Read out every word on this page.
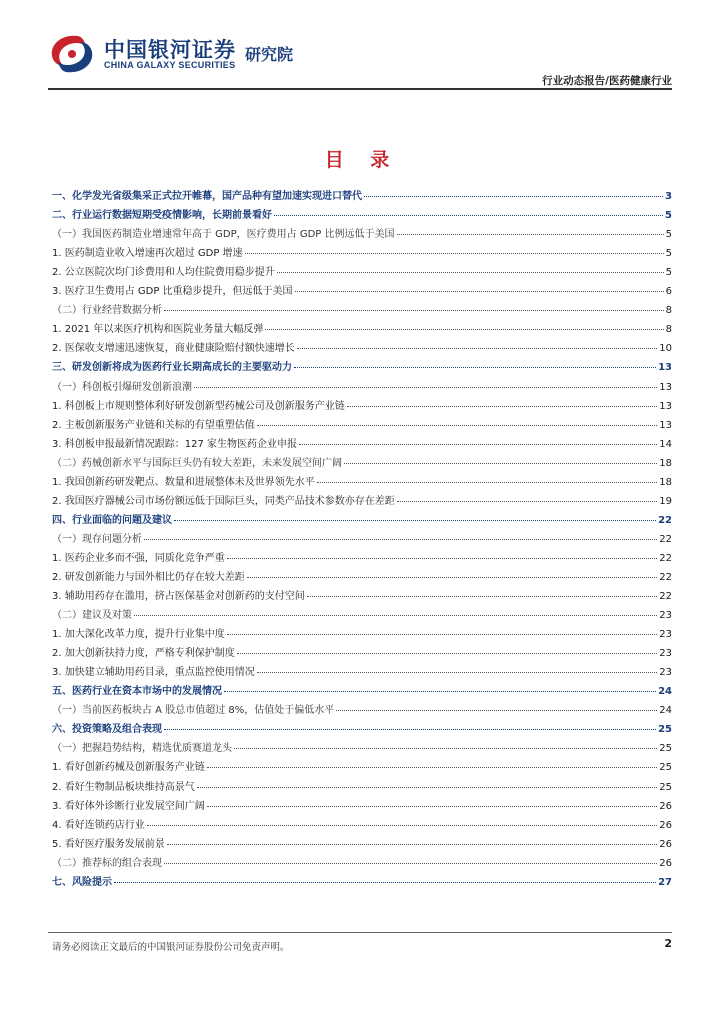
中国银河证券
CHINA GALAXY SECURITIES
研究院
行业动态报告/医药健康行业
目 录
一、化学发光省级集采正式拉开帷幕，国产品种有望加速实现进口替代	3
二、行业运行数据短期受疫情影响，长期前景看好	5
（一）我国医药制造业增速常年高于 GDP，医疗费用占 GDP 比例远低于美国	5
1. 医药制造业收入增速再次超过 GDP 增速	5
2. 公立医院次均门诊费用和人均住院费用稳步提升	5
3. 医疗卫生费用占 GDP 比重稳步提升，但远低于美国	6
（二）行业经营数据分析	8
1. 2021 年以来医疗机构和医院业务量大幅反弹	8
2. 医保收支增速迅速恢复，商业健康险赔付额快速增长	10
三、研发创新将成为医药行业长期高成长的主要驱动力	13
（一）科创板引爆研发创新浪潮	13
1. 科创板上市规则整体利好研发创新型药械公司及创新服务产业链	13
2. 主板创新服务产业链和关标的有望重塑估值	13
3. 科创板申报最新情况跟踪：127 家生物医药企业申报	14
（二）药械创新水平与国际巨头仍有较大差距，未来发展空间广阔	18
1. 我国创新药研发靶点、数量和进展整体未及世界领先水平	18
2. 我国医疗器械公司市场份额远低于国际巨头，同类产品技术参数亦存在差距	19
四、行业面临的问题及建议	22
（一）现存问题分析	22
1. 医药企业多而不强，同质化竞争严重	22
2. 研发创新能力与国外相比仍存在较大差距	22
3. 辅助用药存在滥用，挤占医保基金对创新药的支付空间	22
（二）建议及对策	23
1. 加大深化改革力度，提升行业集中度	23
2. 加大创新扶持力度，严格专利保护制度	23
3. 加快建立辅助用药目录，重点监控使用情况	23
五、医药行业在资本市场中的发展情况	24
（一）当前医药板块占 A 股总市值超过 8%，估值处于偏低水平	24
六、投资策略及组合表现	25
（一）把握趋势结构，精选优质赛道龙头	25
1. 看好创新药械及创新服务产业链	25
2. 看好生物制品板块维持高景气	25
3. 看好体外诊断行业发展空间广阔	26
4. 看好连锁药店行业	26
5. 看好医疗服务发展前景	26
（二）推荐标的组合表现	26
七、风险提示	27
请务必阅读正文最后的中国银河证券股份公司免责声明。	2
